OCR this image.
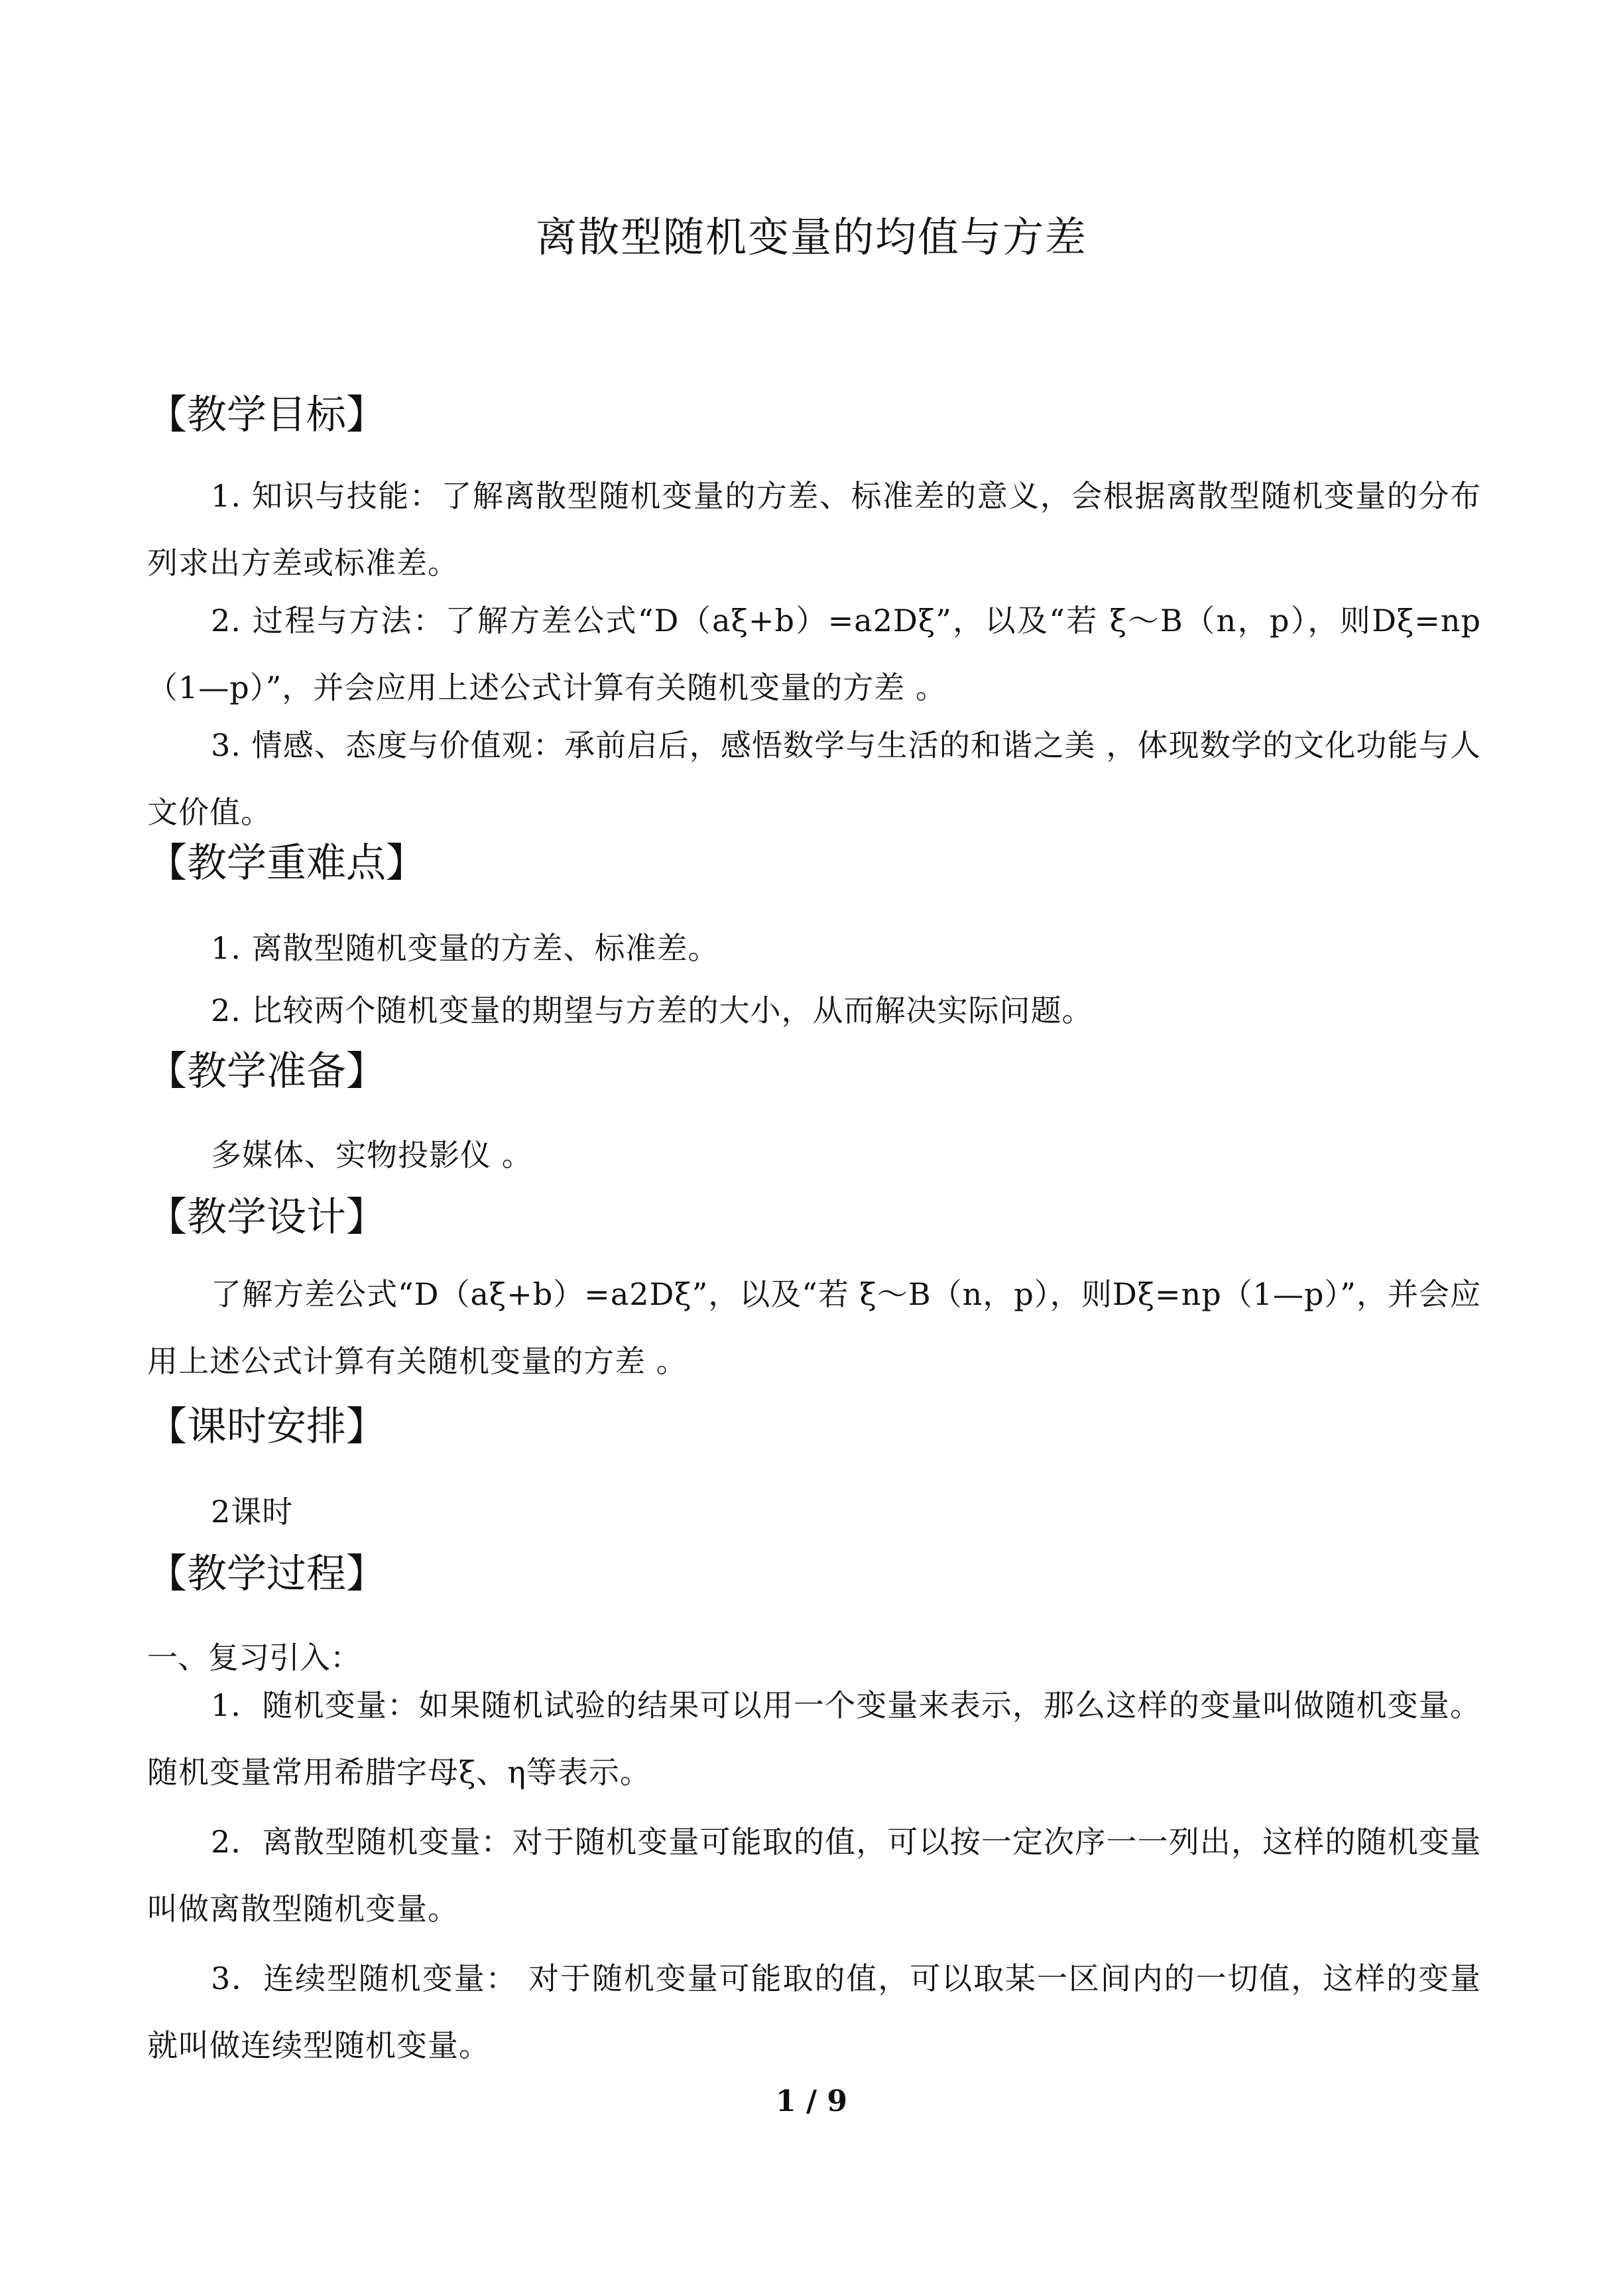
离散型随机变量的均值与方差
【教学目标】
1. 知识与技能：了解离散型随机变量的方差、标准差的意义，会根据离散型随机变量的分布列求出方差或标准差。
2. 过程与方法：了解方差公式“D（aξ+b）=a2Dξ”，以及“若 ξ～B（n，p），则Dξ=np（1—p）”，并会应用上述公式计算有关随机变量的方差 。
3. 情感、态度与价值观：承前启后，感悟数学与生活的和谐之美 ，体现数学的文化功能与人文价值。
【教学重难点】
1. 离散型随机变量的方差、标准差。
2. 比较两个随机变量的期望与方差的大小，从而解决实际问题。
【教学准备】
多媒体、实物投影仪 。
【教学设计】
了解方差公式“D（aξ+b）=a2Dξ”，以及“若 ξ～B（n，p），则Dξ=np（1—p）”，并会应用上述公式计算有关随机变量的方差 。
【课时安排】
2课时
【教学过程】
一、复习引入：
1．随机变量：如果随机试验的结果可以用一个变量来表示，那么这样的变量叫做随机变量。 随机变量常用希腊字母ξ、η等表示。
2．离散型随机变量：对于随机变量可能取的值，可以按一定次序一一列出，这样的随机变量叫做离散型随机变量。
3．连续型随机变量： 对于随机变量可能取的值，可以取某一区间内的一切值，这样的变量就叫做连续型随机变量。
1 / 9
